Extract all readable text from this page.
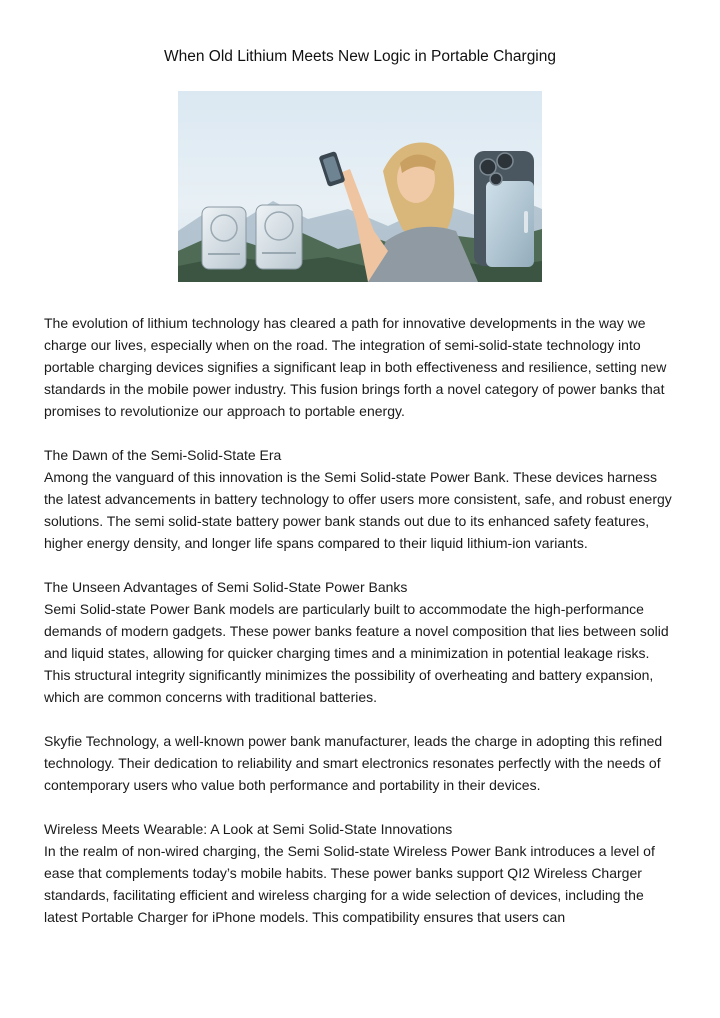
When Old Lithium Meets New Logic in Portable Charging

The evolution of lithium technology has cleared a path for innovative developments in the way we charge our lives, especially when on the road. The integration of semi-solid-state technology into portable charging devices signifies a significant leap in both effectiveness and resilience, setting new standards in the mobile power industry. This fusion brings forth a novel category of power banks that promises to revolutionize our approach to portable energy.

The Dawn of the Semi-Solid-State Era

Among the vanguard of this innovation is the Semi Solid-state Power Bank. These devices harness the latest advancements in battery technology to offer users more consistent, safe, and robust energy solutions. The semi solid-state battery power bank stands out due to its enhanced safety features, higher energy density, and longer life spans compared to their liquid lithium-ion variants.

The Unseen Advantages of Semi Solid-State Power Banks

Semi Solid-state Power Bank models are particularly built to accommodate the high-performance demands of modern gadgets. These power banks feature a novel composition that lies between solid and liquid states, allowing for quicker charging times and a minimization in potential leakage risks. This structural integrity significantly minimizes the possibility of overheating and battery expansion, which are common concerns with traditional batteries.

Skyfie Technology, a well-known power bank manufacturer, leads the charge in adopting this refined technology. Their dedication to reliability and smart electronics resonates perfectly with the needs of contemporary users who value both performance and portability in their devices.

Wireless Meets Wearable: A Look at Semi Solid-State Innovations

In the realm of non-wired charging, the Semi Solid-state Wireless Power Bank introduces a level of ease that complements today’s mobile habits. These power banks support QI2 Wireless Charger standards, facilitating efficient and wireless charging for a wide selection of devices, including the latest Portable Charger for iPhone models. This compatibility ensures that users can
